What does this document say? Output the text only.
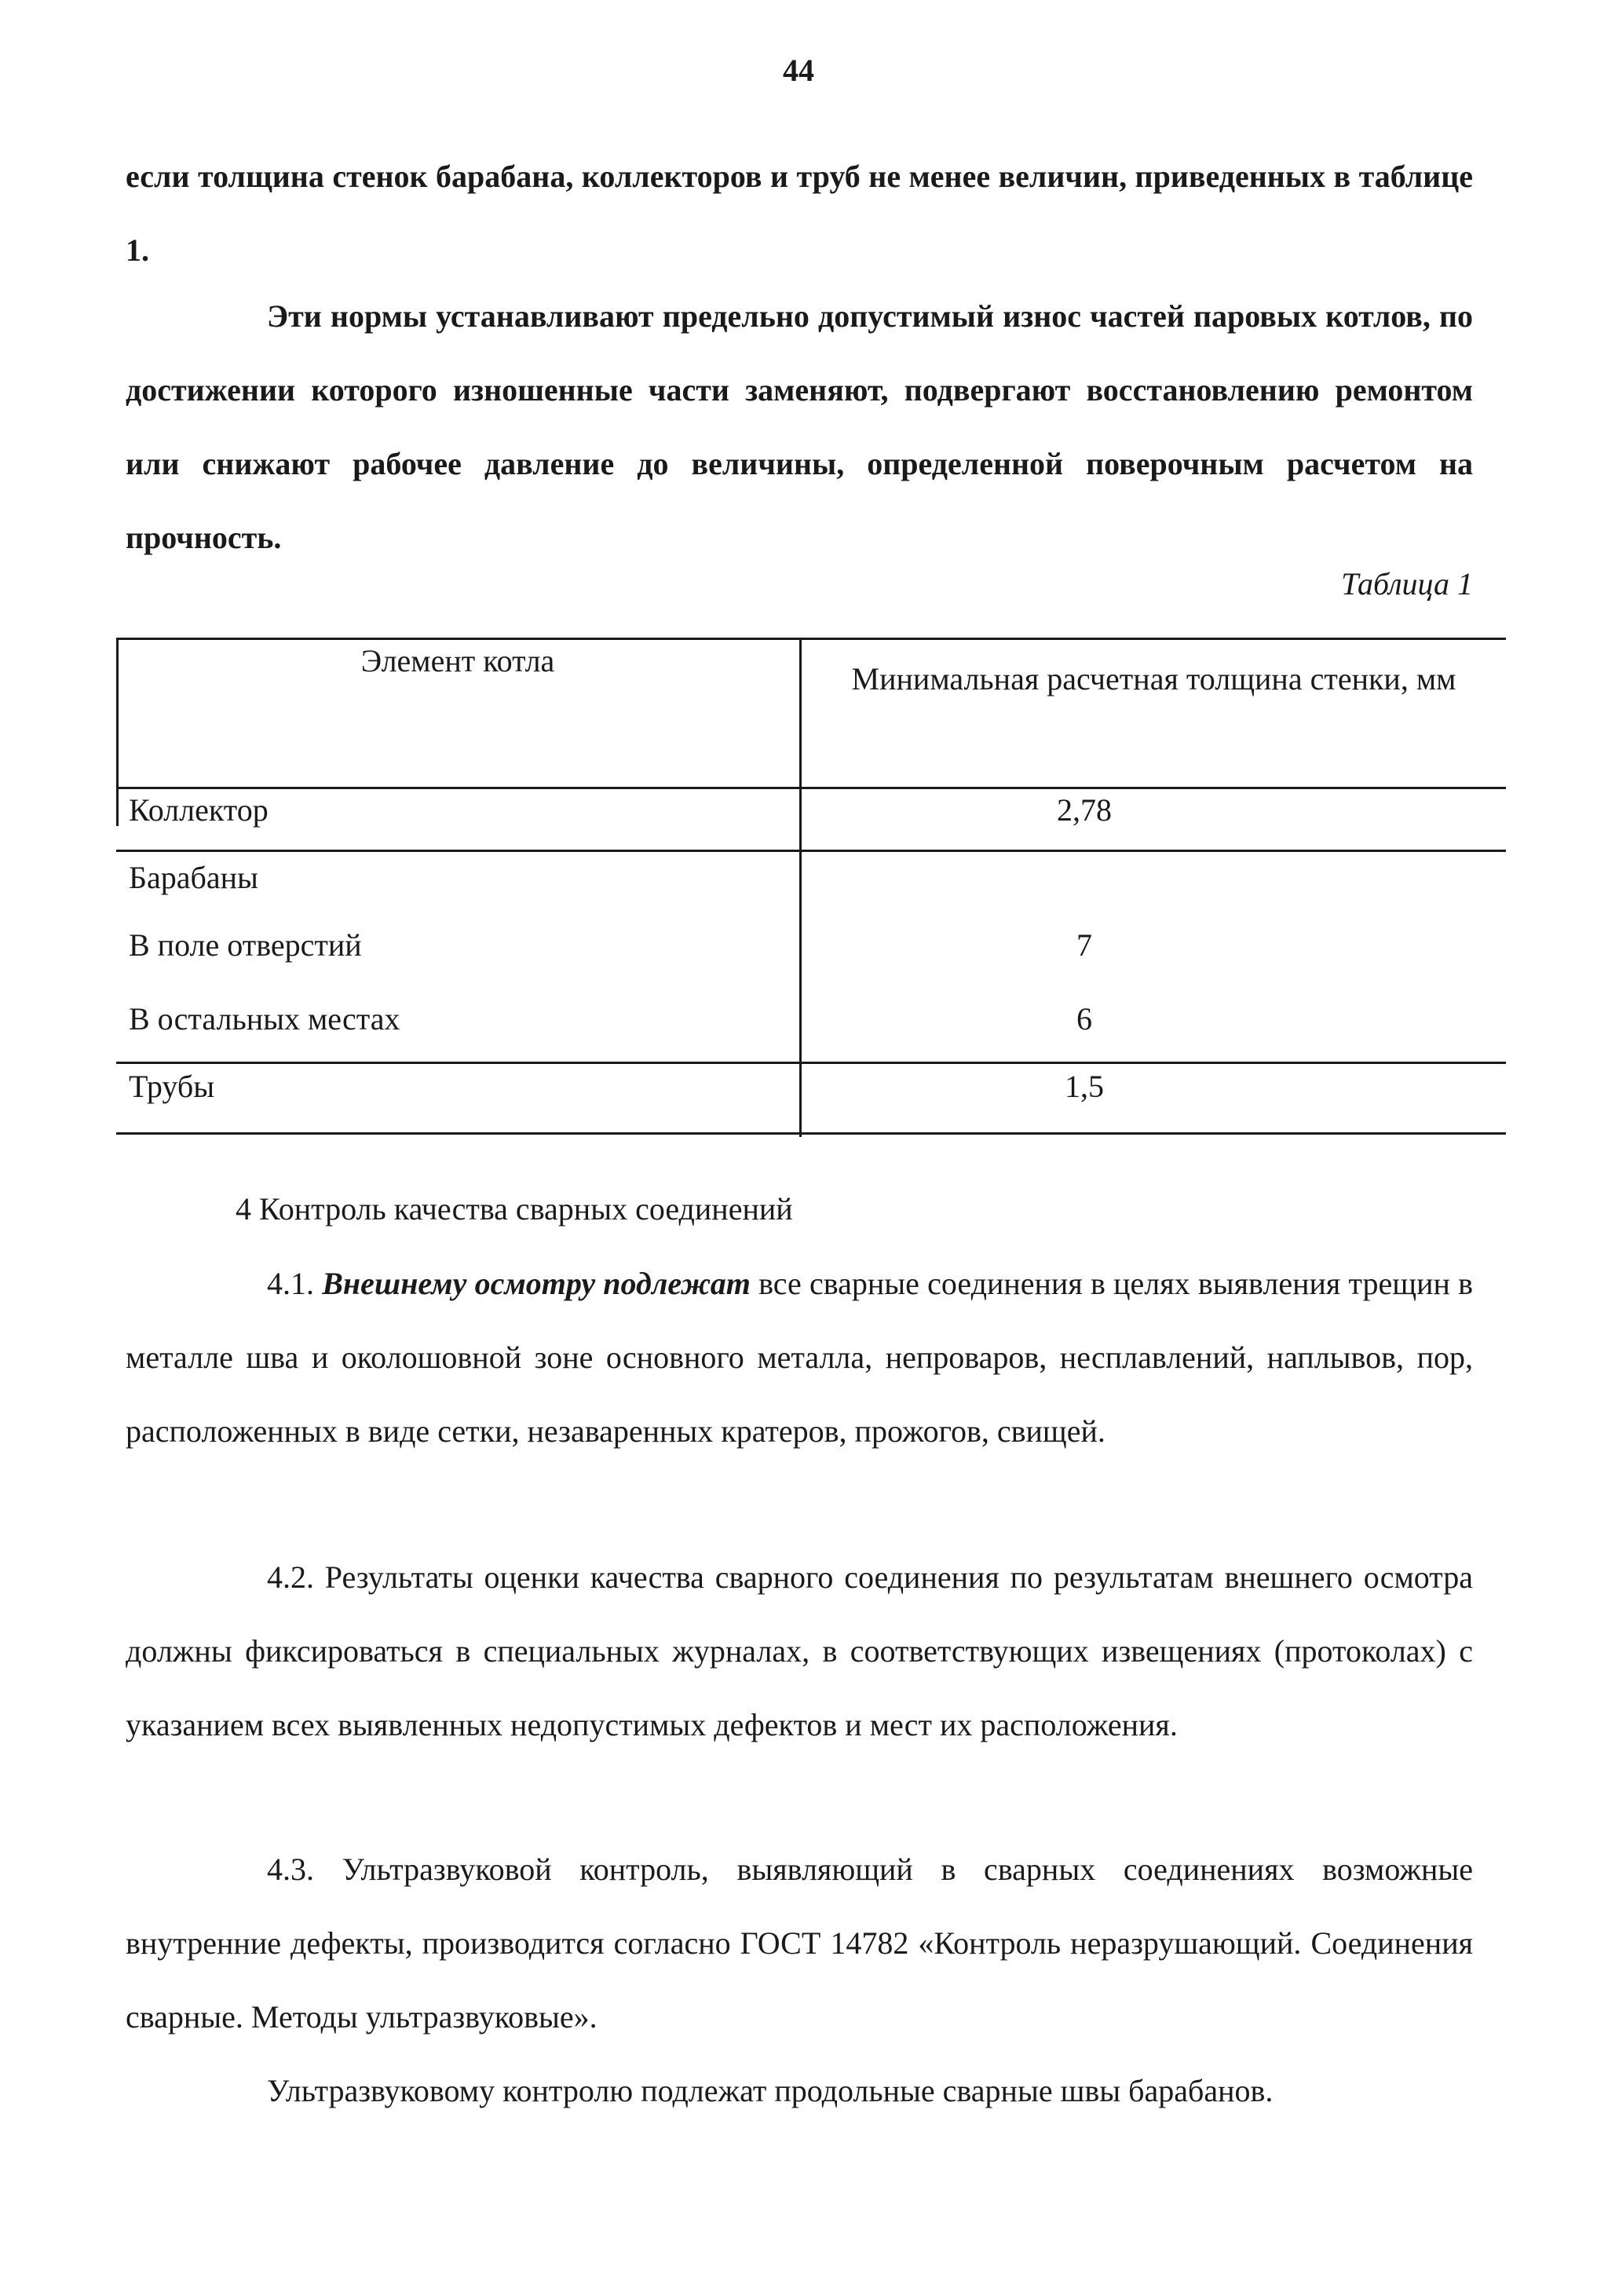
44

если толщина стенок барабана, коллекторов и труб не менее величин, приведенных в таблице 1.

Эти нормы устанавливают предельно допустимый износ частей паровых котлов, по достижении которого изношенные части заменяют, подвергают восстановлению ремонтом или снижают рабочее давление до величины, определенной поверочным расчетом на прочность.

Таблица 1
Элемент котла
Минимальная расчетная толщина стенки, мм
Коллектор	2,78
Барабаны
В поле отверстий	7
В остальных местах	6
Трубы	1,5
4 Контроль качества сварных соединений

4.1. Внешнему осмотру подлежат все сварные соединения в целях выявления трещин в металле шва и околошовной зоне основного металла, непроваров, несплавлений, наплывов, пор, расположенных в виде сетки, незаваренных кратеров, прожогов, свищей.

4.2. Результаты оценки качества сварного соединения по результатам внешнего осмотра должны фиксироваться в специальных журналах, в соответствующих извещениях (протоколах) с указанием всех выявленных недопустимых дефектов и мест их расположения.

4.3. Ультразвуковой контроль, выявляющий в сварных соединениях возможные внутренние дефекты, производится согласно ГОСТ 14782 «Контроль неразрушающий. Соединения сварные. Методы ультразвуковые».

Ультразвуковому контролю подлежат продольные сварные швы барабанов.
